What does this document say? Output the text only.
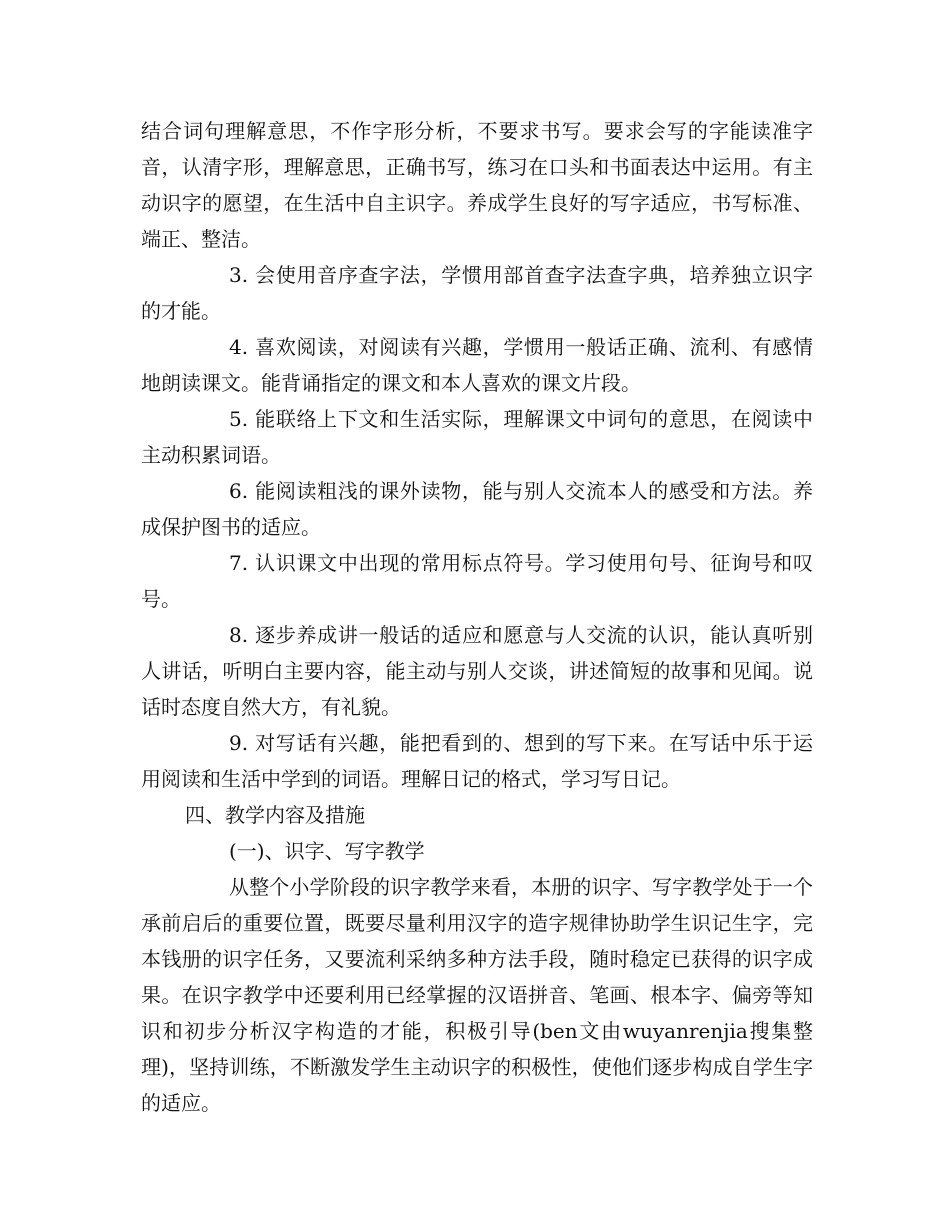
结合词句理解意思，不作字形分析，不要求书写。要求会写的字能读准字音，认清字形，理解意思，正确书写，练习在口头和书面表达中运用。有主动识字的愿望，在生活中自主识字。养成学生良好的写字适应，书写标准、端正、整洁。

3. 会使用音序查字法，学惯用部首查字法查字典，培养独立识字的才能。

4. 喜欢阅读，对阅读有兴趣，学惯用一般话正确、流利、有感情地朗读课文。能背诵指定的课文和本人喜欢的课文片段。

5. 能联络上下文和生活实际，理解课文中词句的意思，在阅读中主动积累词语。

6. 能阅读粗浅的课外读物，能与别人交流本人的感受和方法。养成保护图书的适应。

7. 认识课文中出现的常用标点符号。学习使用句号、征询号和叹号。

8. 逐步养成讲一般话的适应和愿意与人交流的认识，能认真听别人讲话，听明白主要内容，能主动与别人交谈，讲述简短的故事和见闻。说话时态度自然大方，有礼貌。

9. 对写话有兴趣，能把看到的、想到的写下来。在写话中乐于运用阅读和生活中学到的词语。理解日记的格式，学习写日记。

四、教学内容及措施

(一)、识字、写字教学

从整个小学阶段的识字教学来看，本册的识字、写字教学处于一个承前启后的重要位置，既要尽量利用汉字的造字规律协助学生识记生字，完本钱册的识字任务，又要流利采纳多种方法手段，随时稳定已获得的识字成果。在识字教学中还要利用已经掌握的汉语拼音、笔画、根本字、偏旁等知识和初步分析汉字构造的才能，积极引导(ben文由wuyanrenjia搜集整理)，坚持训练，不断激发学生主动识字的积极性，使他们逐步构成自学生字的适应。
